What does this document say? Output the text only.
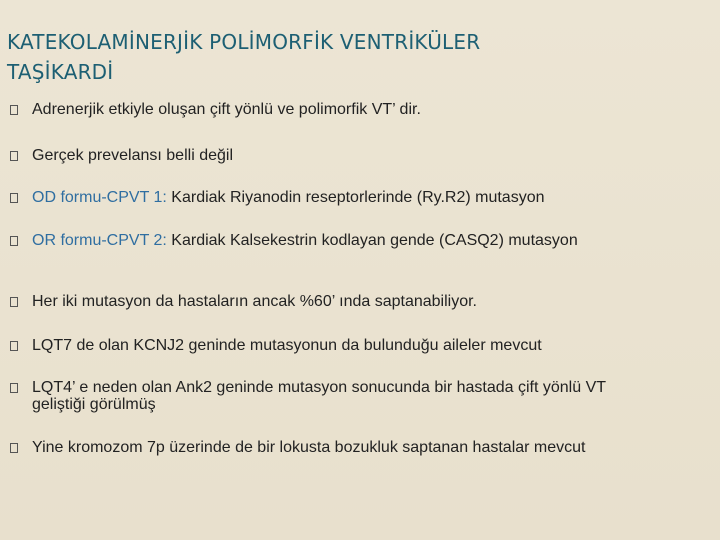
KATEKOLAMİNERJİK POLİMORFİK VENTRİKÜLER
TAŞİKARDİ
Adrenerjik etkiyle oluşan çift yönlü ve polimorfik VT’ dir.
Gerçek prevelansı belli değil
OD formu-CPVT 1: Kardiak Riyanodin reseptorlerinde (Ry.R2) mutasyon
OR formu-CPVT 2: Kardiak Kalsekestrin kodlayan gende (CASQ2) mutasyon
Her iki mutasyon da hastaların ancak %60’ ında saptanabiliyor.
LQT7 de olan KCNJ2 geninde mutasyonun da bulunduğu aileler mevcut
LQT4’ e neden olan Ank2 geninde mutasyon sonucunda bir hastada çift yönlü VT geliştiği görülmüş
Yine kromozom 7p üzerinde de bir lokusta bozukluk saptanan hastalar mevcut
